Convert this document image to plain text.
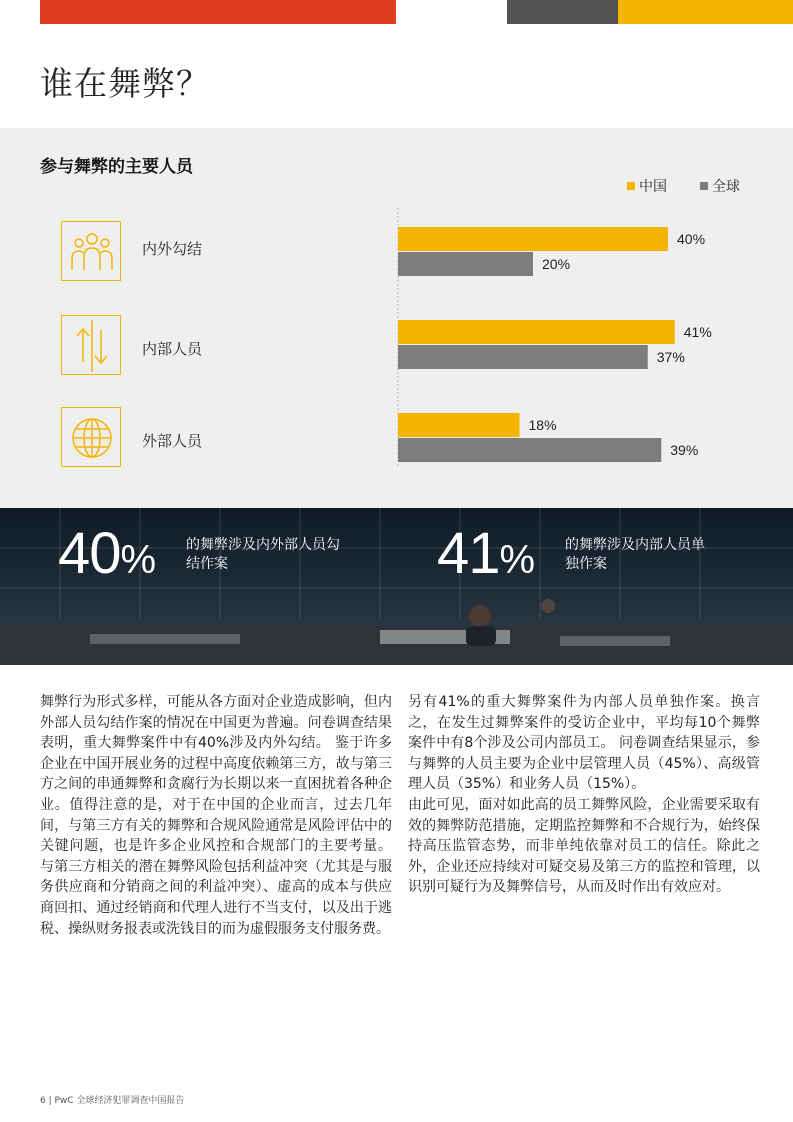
谁在舞弊？
参与舞弊的主要人员
中国	全球
内外勾结
内部人员
外部人员
40%
20%
41%
37%
18%
39%
40% 的舞弊涉及内外部人员勾
结作案	41% 的舞弊涉及内部人员单
独作案

舞弊行为形式多样，可能从各方面对企业造成影响，但内外部人员勾结作案的情况在中国更为普遍。问卷调查结果表明，重大舞弊案件中有40%涉及内外勾结。 鉴于许多企业在中国开展业务的过程中高度依赖第三方，故与第三方之间的串通舞弊和贪腐行为长期以来一直困扰着各种企业。值得注意的是，对于在中国的企业而言，过去几年间，与第三方有关的舞弊和合规风险通常是风险评估中的关键问题，也是许多企业风控和合规部门的主要考量。 与第三方相关的潜在舞弊风险包括利益冲突（尤其是与服务供应商和分销商之间的利益冲突）、虚高的成本与供应商回扣、通过经销商和代理人进行不当支付，以及出于逃税、操纵财务报表或洗钱目的而为虚假服务支付服务费。

另有41%的重大舞弊案件为内部人员单独作案。换言之，在发生过舞弊案件的受访企业中，平均每10个舞弊案件中有8个涉及公司内部员工。 问卷调查结果显示，参与舞弊的人员主要为企业中层管理人员（45%）、高级管理人员（35%）和业务人员（15%）。

由此可见，面对如此高的员工舞弊风险，企业需要采取有效的舞弊防范措施，定期监控舞弊和不合规行为，始终保持高压监管态势，而非单纯依靠对员工的信任。除此之外，企业还应持续对可疑交易及第三方的监控和管理，以识别可疑行为及舞弊信号，从而及时作出有效应对。

6 | PwC 全球经济犯罪调查中国报告
